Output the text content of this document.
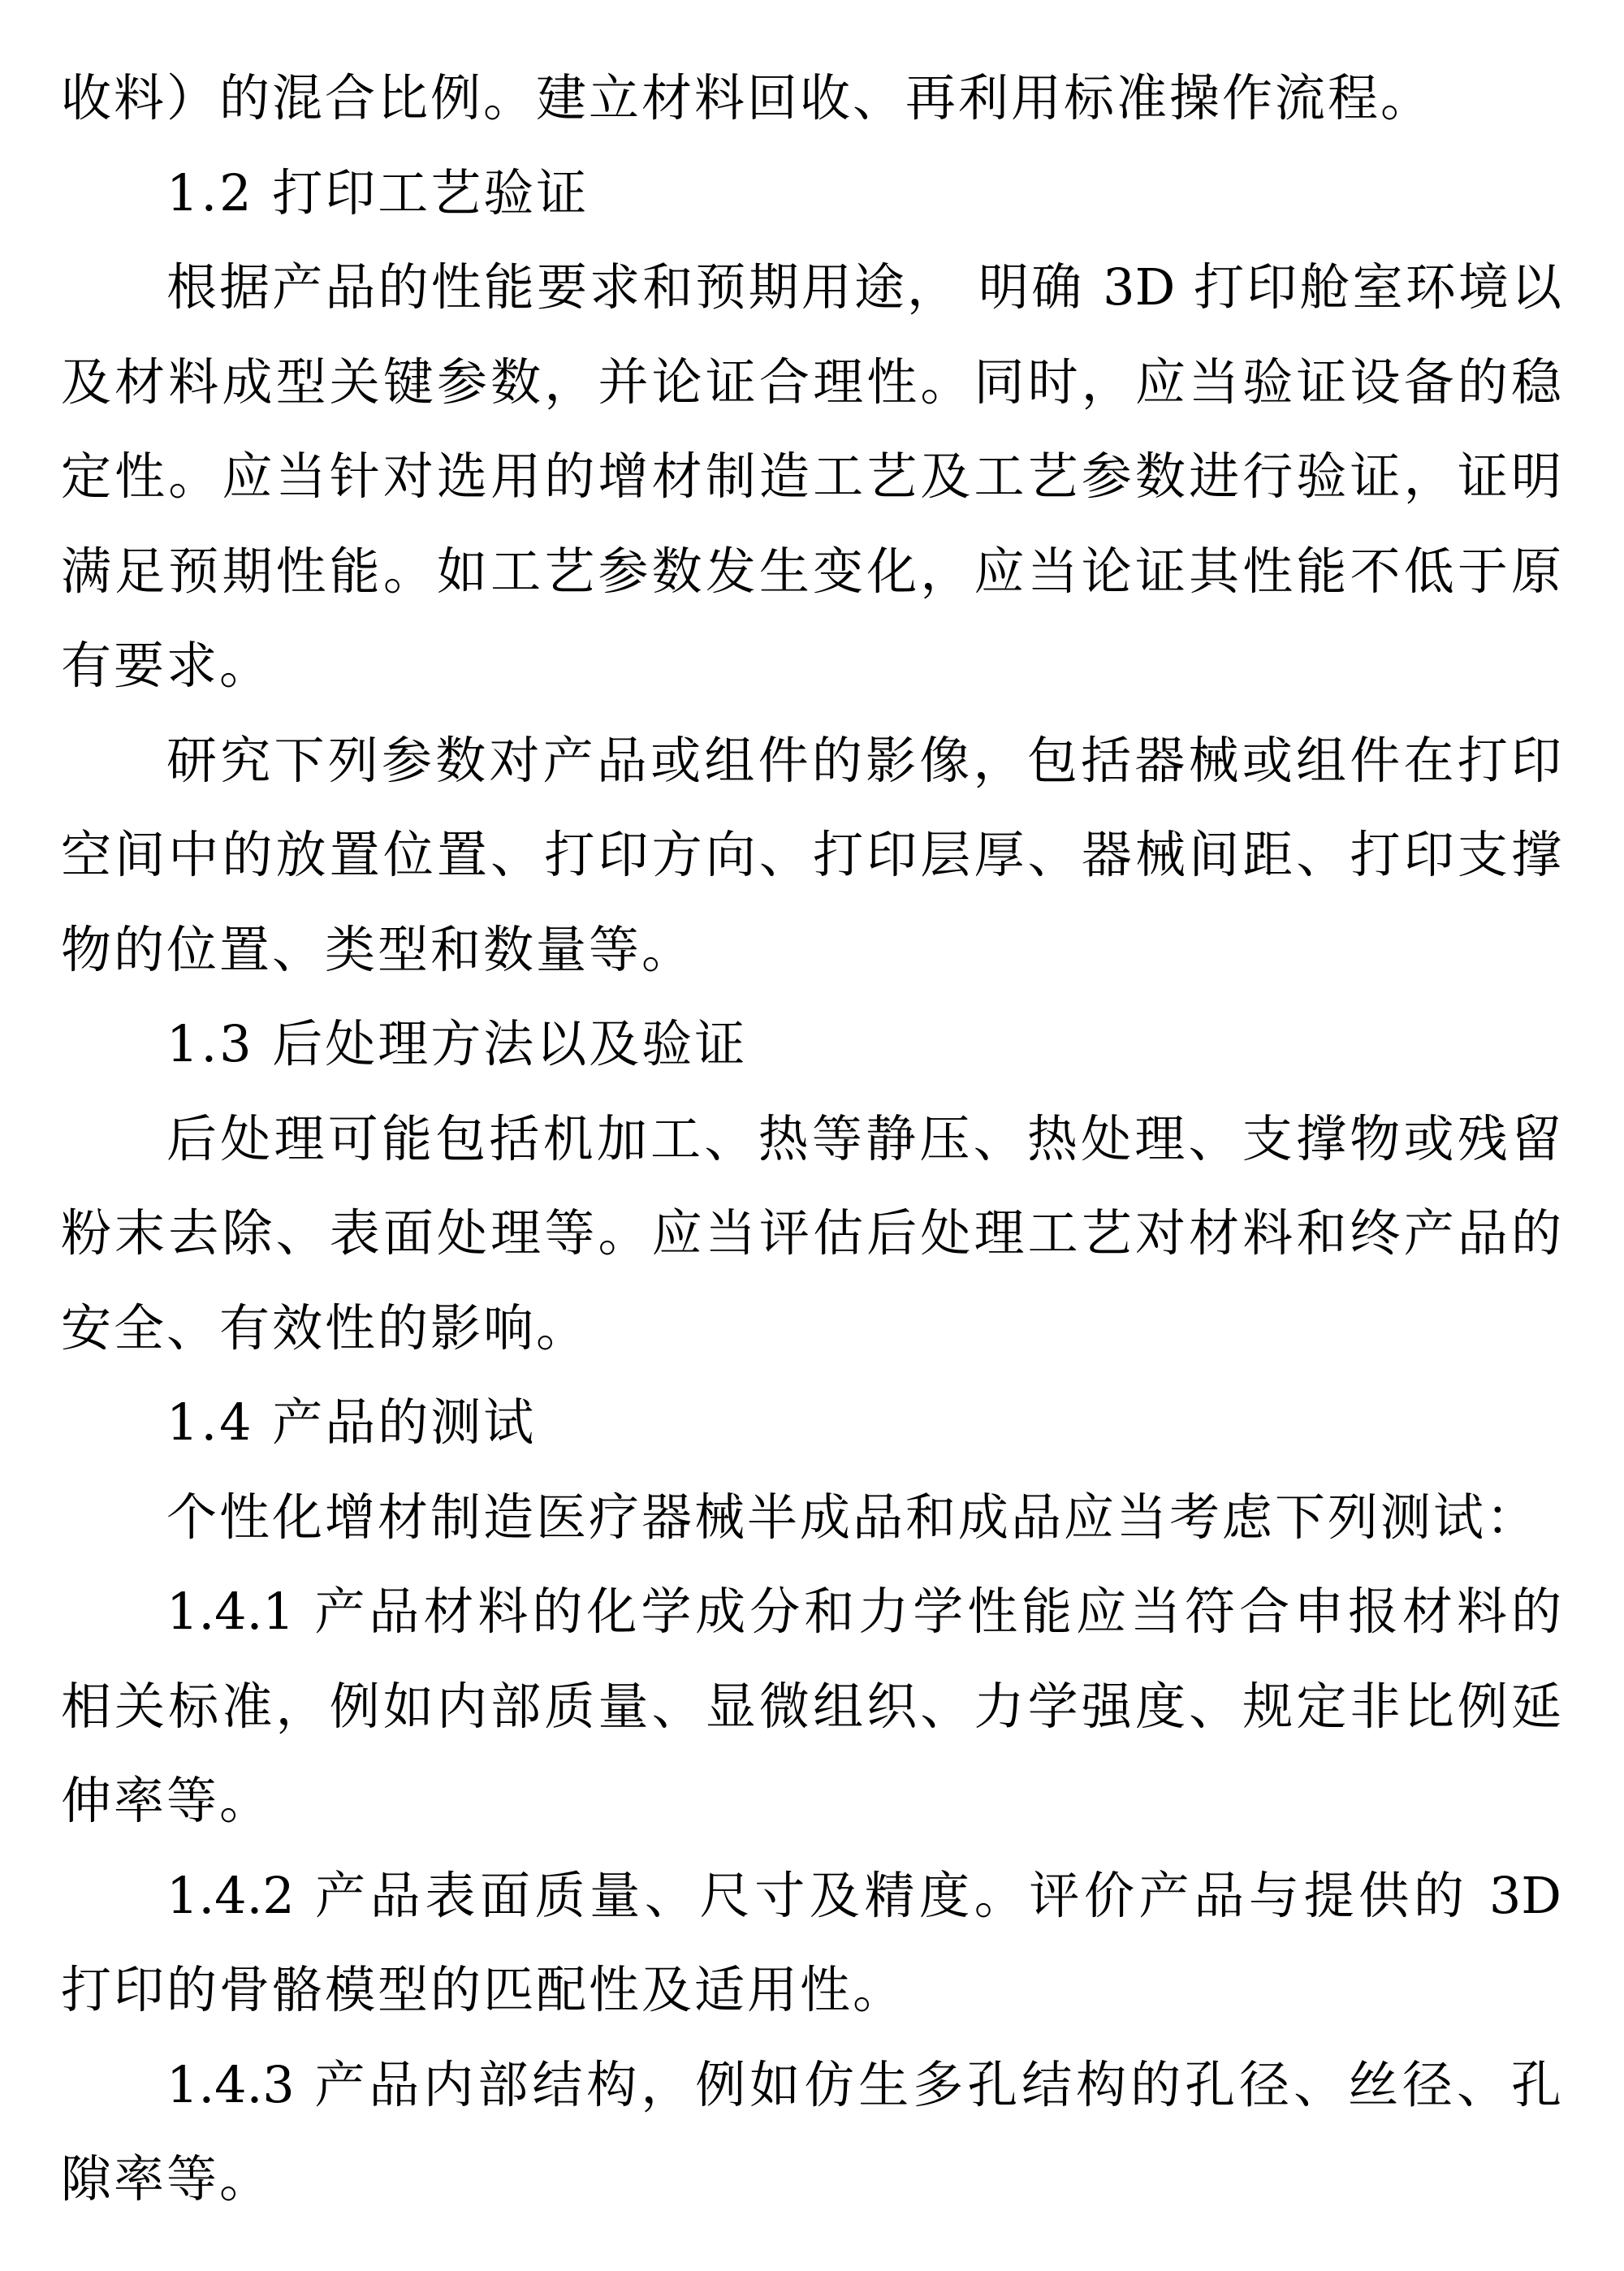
收料）的混合比例。建立材料回收、再利用标准操作流程。
1.2 打印工艺验证
根据产品的性能要求和预期用途， 明确 3D 打印舱室环境以
及材料成型关键参数，并论证合理性。同时，应当验证设备的稳
定性。应当针对选用的增材制造工艺及工艺参数进行验证，证明
满足预期性能。如工艺参数发生变化，应当论证其性能不低于原
有要求。
研究下列参数对产品或组件的影像，包括器械或组件在打印
空间中的放置位置、打印方向、打印层厚、器械间距、打印支撑
物的位置、类型和数量等。
1.3 后处理方法以及验证
后处理可能包括机加工、热等静压、热处理、支撑物或残留
粉末去除、表面处理等。应当评估后处理工艺对材料和终产品的
安全、有效性的影响。
1.4 产品的测试
个性化增材制造医疗器械半成品和成品应当考虑下列测试：
1.4.1 产品材料的化学成分和力学性能应当符合申报材料的
相关标准，例如内部质量、显微组织、力学强度、规定非比例延
伸率等。
1.4.2 产品表面质量、尺寸及精度。评价产品与提供的 3D
打印的骨骼模型的匹配性及适用性。
1.4.3 产品内部结构，例如仿生多孔结构的孔径、丝径、孔
隙率等。
